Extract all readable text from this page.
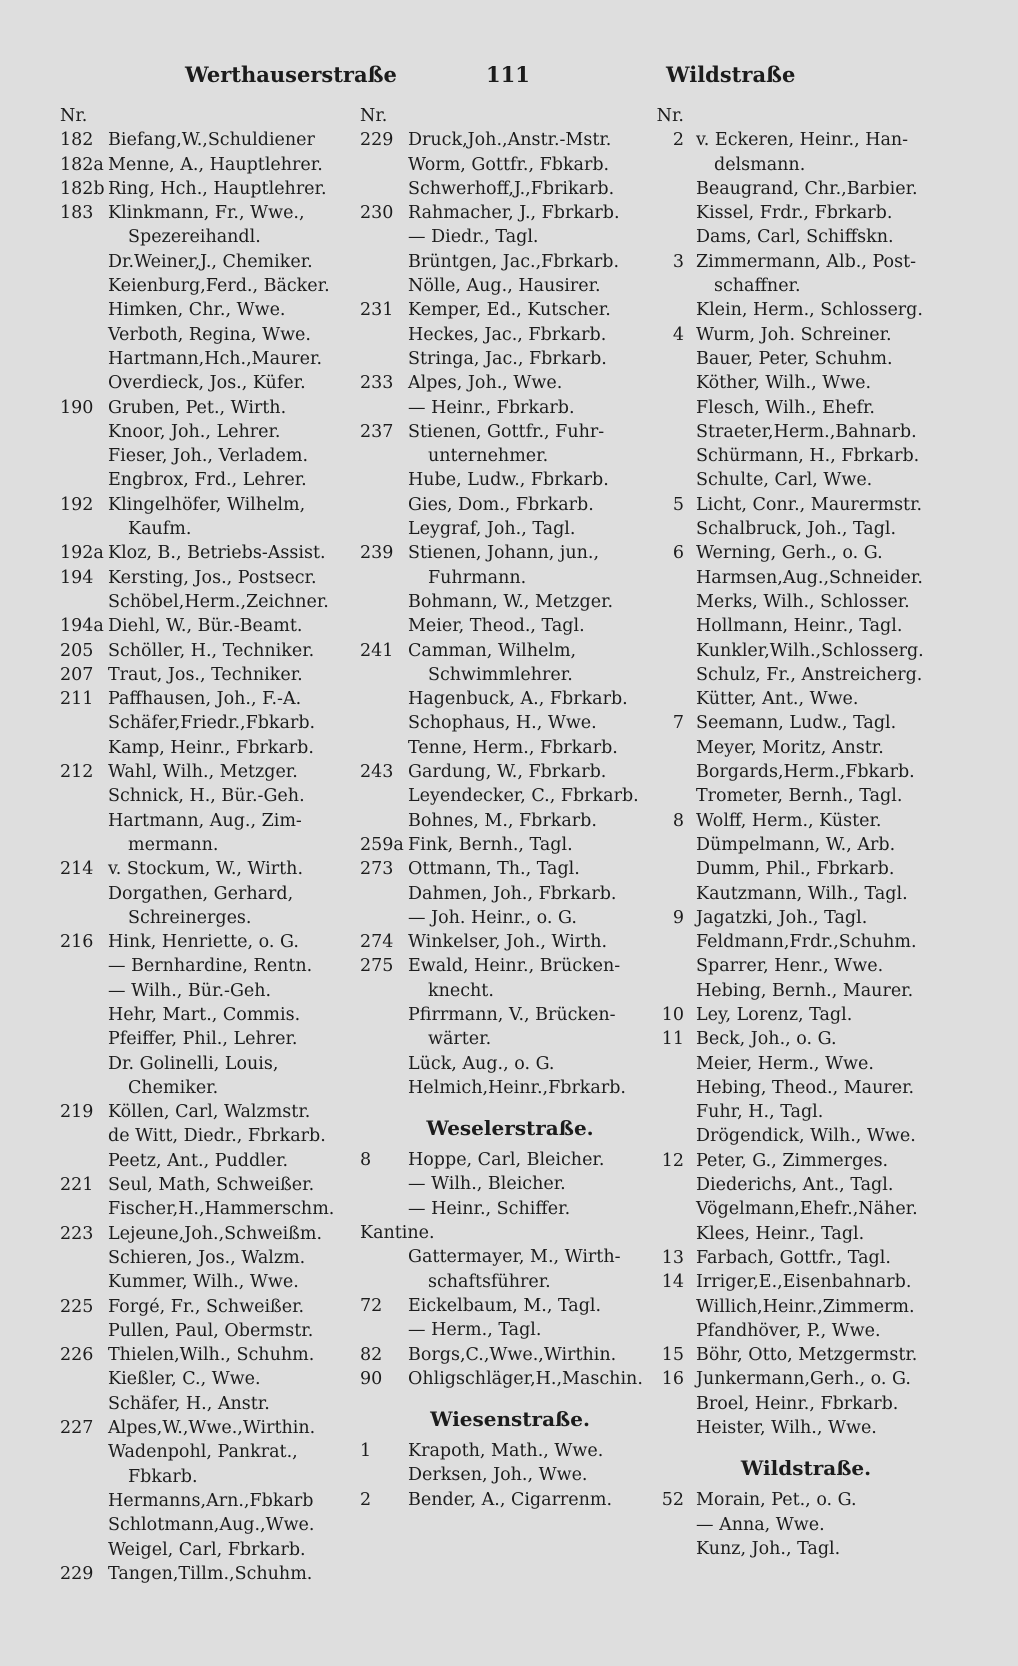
Werthauserstraße	111	Wildstraße
Nr.
182 Biefang,W.,Schuldiener
182a Menne, A., Hauptlehrer.
182b Ring, Hch., Hauptlehrer.
183 Klinkmann, Fr., Wwe.,
Spezereihandl.
Dr.Weiner,J., Chemiker.
Keienburg,Ferd., Bäcker.
Himken, Chr., Wwe.
Verboth, Regina, Wwe.
Hartmann,Hch.,Maurer.
Overdieck, Jos., Küfer.
190 Gruben, Pet., Wirth.
Knoor, Joh., Lehrer.
Fieser, Joh., Verladem.
Engbrox, Frd., Lehrer.
192 Klingelhöfer, Wilhelm,
Kaufm.
192a Kloz, B., Betriebs-Assist.
194 Kersting, Jos., Postsecr.
Schöbel,Herm.,Zeichner.
194a Diehl, W., Bür.-Beamt.
205 Schöller, H., Techniker.
207 Traut, Jos., Techniker.
211 Paffhausen, Joh., F.-A.
Schäfer,Friedr.,Fbkarb.
Kamp, Heinr., Fbrkarb.
212 Wahl, Wilh., Metzger.
Schnick, H., Bür.-Geh.
Hartmann, Aug., Zim-
mermann.
214 v. Stockum, W., Wirth.
Dorgathen, Gerhard,
Schreinerges.
216 Hink, Henriette, o. G.
— Bernhardine, Rentn.
— Wilh., Bür.-Geh.
Hehr, Mart., Commis.
Pfeiffer, Phil., Lehrer.
Dr. Golinelli, Louis,
Chemiker.
219 Köllen, Carl, Walzmstr.
de Witt, Diedr., Fbrkarb.
Peetz, Ant., Puddler.
221 Seul, Math, Schweißer.
Fischer,H.,Hammerschm.
223 Lejeune,Joh.,Schweißm.
Schieren, Jos., Walzm.
Kummer, Wilh., Wwe.
225 Forgé, Fr., Schweißer.
Pullen, Paul, Obermstr.
226 Thielen,Wilh., Schuhm.
Kießler, C., Wwe.
Schäfer, H., Anstr.
227 Alpes,W.,Wwe.,Wirthin.
Wadenpohl, Pankrat.,
Fbkarb.
Hermanns,Arn.,Fbkarb
Schlotmann,Aug.,Wwe.
Weigel, Carl, Fbrkarb.
229 Tangen,Tillm.,Schuhm.
Nr.
229 Druck,Joh.,Anstr.-Mstr.
Worm, Gottfr., Fbkarb.
Schwerhoff,J.,Fbrikarb.
230 Rahmacher, J., Fbrkarb.
— Diedr., Tagl.
Brüntgen, Jac.,Fbrkarb.
Nölle, Aug., Hausirer.
231 Kemper, Ed., Kutscher.
Heckes, Jac., Fbrkarb.
Stringa, Jac., Fbrkarb.
233 Alpes, Joh., Wwe.
— Heinr., Fbrkarb.
237 Stienen, Gottfr., Fuhr-
unternehmer.
Hube, Ludw., Fbrkarb.
Gies, Dom., Fbrkarb.
Leygraf, Joh., Tagl.
239 Stienen, Johann, jun.,
Fuhrmann.
Bohmann, W., Metzger.
Meier, Theod., Tagl.
241 Camman, Wilhelm,
Schwimmlehrer.
Hagenbuck, A., Fbrkarb.
Schophaus, H., Wwe.
Tenne, Herm., Fbrkarb.
243 Gardung, W., Fbrkarb.
Leyendecker, C., Fbrkarb.
Bohnes, M., Fbrkarb.
259a Fink, Bernh., Tagl.
273 Ottmann, Th., Tagl.
Dahmen, Joh., Fbrkarb.
— Joh. Heinr., o. G.
274 Winkelser, Joh., Wirth.
275 Ewald, Heinr., Brücken-
knecht.
Pfirrmann, V., Brücken-
wärter.
Lück, Aug., o. G.
Helmich,Heinr.,Fbrkarb.
Weselerstraße.
8	Hoppe, Carl, Bleicher.
— Wilh., Bleicher.
— Heinr., Schiffer.
Kantine.
Gattermayer, M., Wirth-
schaftsführer.
72	Eickelbaum, M., Tagl.
— Herm., Tagl.
82	Borgs,C.,Wwe.,Wirthin.
90	Ohligschläger,H.,Maschin.
Wiesenstraße.
1	Krapoth, Math., Wwe.
Derksen, Joh., Wwe.
2	Bender, A., Cigarrenm.
Nr.
2 v. Eckeren, Heinr., Han-
delsmann.
Beaugrand, Chr.,Barbier.
Kissel, Frdr., Fbrkarb.
Dams, Carl, Schiffskn.
3 Zimmermann, Alb., Post-
schaffner.
Klein, Herm., Schlosserg.
4 Wurm, Joh. Schreiner.
Bauer, Peter, Schuhm.
Köther, Wilh., Wwe.
Flesch, Wilh., Ehefr.
Straeter,Herm.,Bahnarb.
Schürmann, H., Fbrkarb.
Schulte, Carl, Wwe.
5 Licht, Conr., Maurermstr.
Schalbruck, Joh., Tagl.
6 Werning, Gerh., o. G.
Harmsen,Aug.,Schneider.
Merks, Wilh., Schlosser.
Hollmann, Heinr., Tagl.
Kunkler,Wilh.,Schlosserg.
Schulz, Fr., Anstreicherg.
Kütter, Ant., Wwe.
7 Seemann, Ludw., Tagl.
Meyer, Moritz, Anstr.
Borgards,Herm.,Fbkarb.
Trometer, Bernh., Tagl.
8 Wolff, Herm., Küster.
Dümpelmann, W., Arb.
Dumm, Phil., Fbrkarb.
Kautzmann, Wilh., Tagl.
9 Jagatzki, Joh., Tagl.
Feldmann,Frdr.,Schuhm.
Sparrer, Henr., Wwe.
Hebing, Bernh., Maurer.
10 Ley, Lorenz, Tagl.
11 Beck, Joh., o. G.
Meier, Herm., Wwe.
Hebing, Theod., Maurer.
Fuhr, H., Tagl.
Drögendick, Wilh., Wwe.
12 Peter, G., Zimmerges.
Diederichs, Ant., Tagl.
Vögelmann,Ehefr.,Näher.
Klees, Heinr., Tagl.
13 Farbach, Gottfr., Tagl.
14 Irriger,E.,Eisenbahnarb.
Willich,Heinr.,Zimmerm.
Pfandhöver, P., Wwe.
15 Böhr, Otto, Metzgermstr.
16 Junkermann,Gerh., o. G.
Broel, Heinr., Fbrkarb.
Heister, Wilh., Wwe.
Wildstraße.
52 Morain, Pet., o. G.
— Anna, Wwe.
Kunz, Joh., Tagl.
